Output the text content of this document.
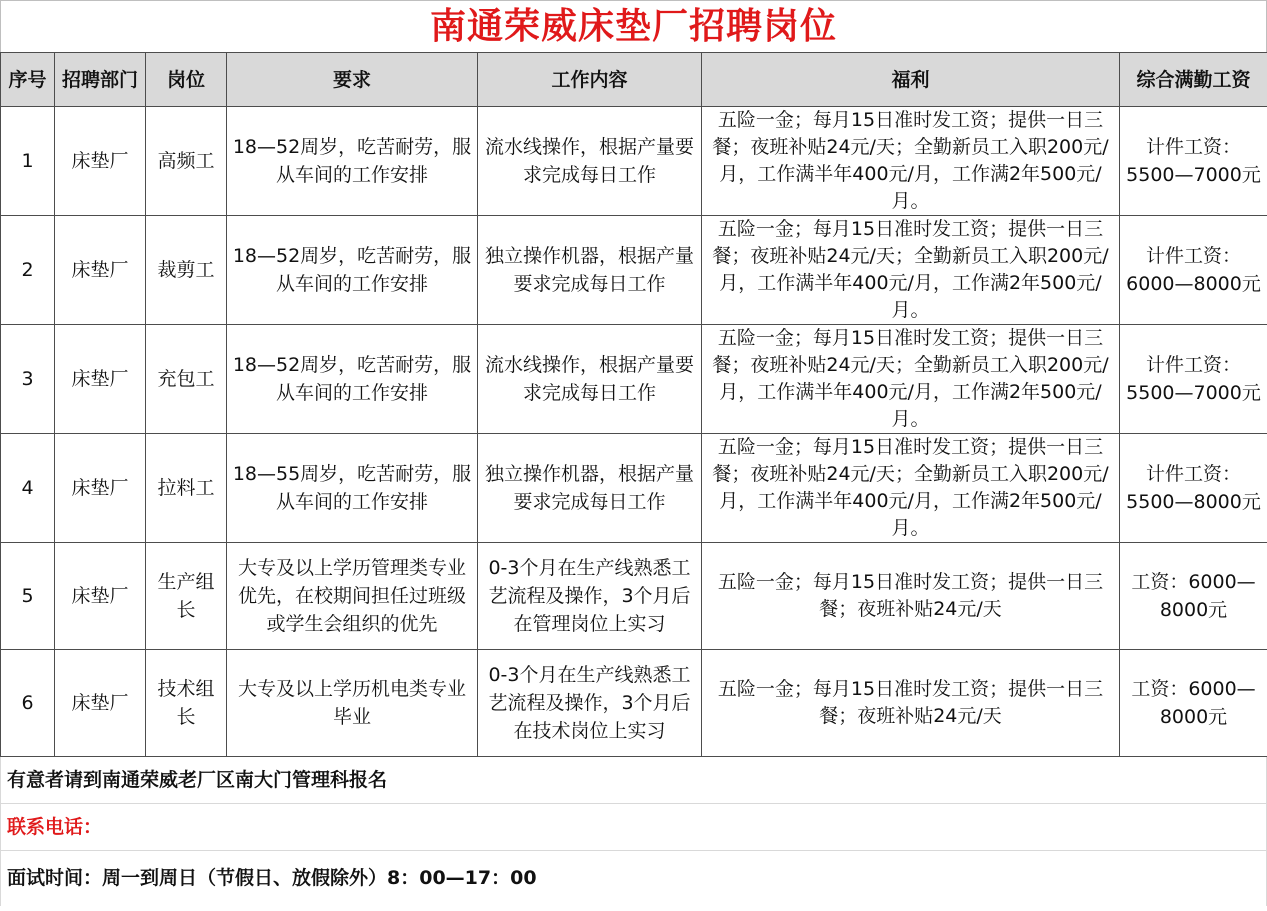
南通荣威床垫厂招聘岗位
序号	招聘部门	岗位	要求	工作内容	福利	综合满勤工资
1	床垫厂	高频工	18—52周岁，吃苦耐劳，服从车间的工作安排	流水线操作，根据产量要求完成每日工作	五险一金；每月15日准时发工资；提供一日三餐；夜班补贴24元/天；全勤新员工入职200元/月，工作满半年400元/月，工作满2年500元/月。	计件工资：5500—7000元
2	床垫厂	裁剪工	18—52周岁，吃苦耐劳，服从车间的工作安排	独立操作机器，根据产量要求完成每日工作	五险一金；每月15日准时发工资；提供一日三餐；夜班补贴24元/天；全勤新员工入职200元/月，工作满半年400元/月，工作满2年500元/月。	计件工资：6000—8000元
3	床垫厂	充包工	18—52周岁，吃苦耐劳，服从车间的工作安排	流水线操作，根据产量要求完成每日工作	五险一金；每月15日准时发工资；提供一日三餐；夜班补贴24元/天；全勤新员工入职200元/月，工作满半年400元/月，工作满2年500元/月。	计件工资：5500—7000元
4	床垫厂	拉料工	18—55周岁，吃苦耐劳，服从车间的工作安排	独立操作机器，根据产量要求完成每日工作	五险一金；每月15日准时发工资；提供一日三餐；夜班补贴24元/天；全勤新员工入职200元/月，工作满半年400元/月，工作满2年500元/月。	计件工资：5500—8000元
5	床垫厂	生产组长	大专及以上学历管理类专业优先，在校期间担任过班级或学生会组织的优先	0-3个月在生产线熟悉工艺流程及操作，3个月后在管理岗位上实习	五险一金；每月15日准时发工资；提供一日三餐；夜班补贴24元/天	工资：6000—8000元
6	床垫厂	技术组长	大专及以上学历机电类专业毕业	0-3个月在生产线熟悉工艺流程及操作，3个月后在技术岗位上实习	五险一金；每月15日准时发工资；提供一日三餐；夜班补贴24元/天	工资：6000—8000元
有意者请到南通荣威老厂区南大门管理科报名
联系电话：
面试时间：周一到周日（节假日、放假除外）8：00—17：00
